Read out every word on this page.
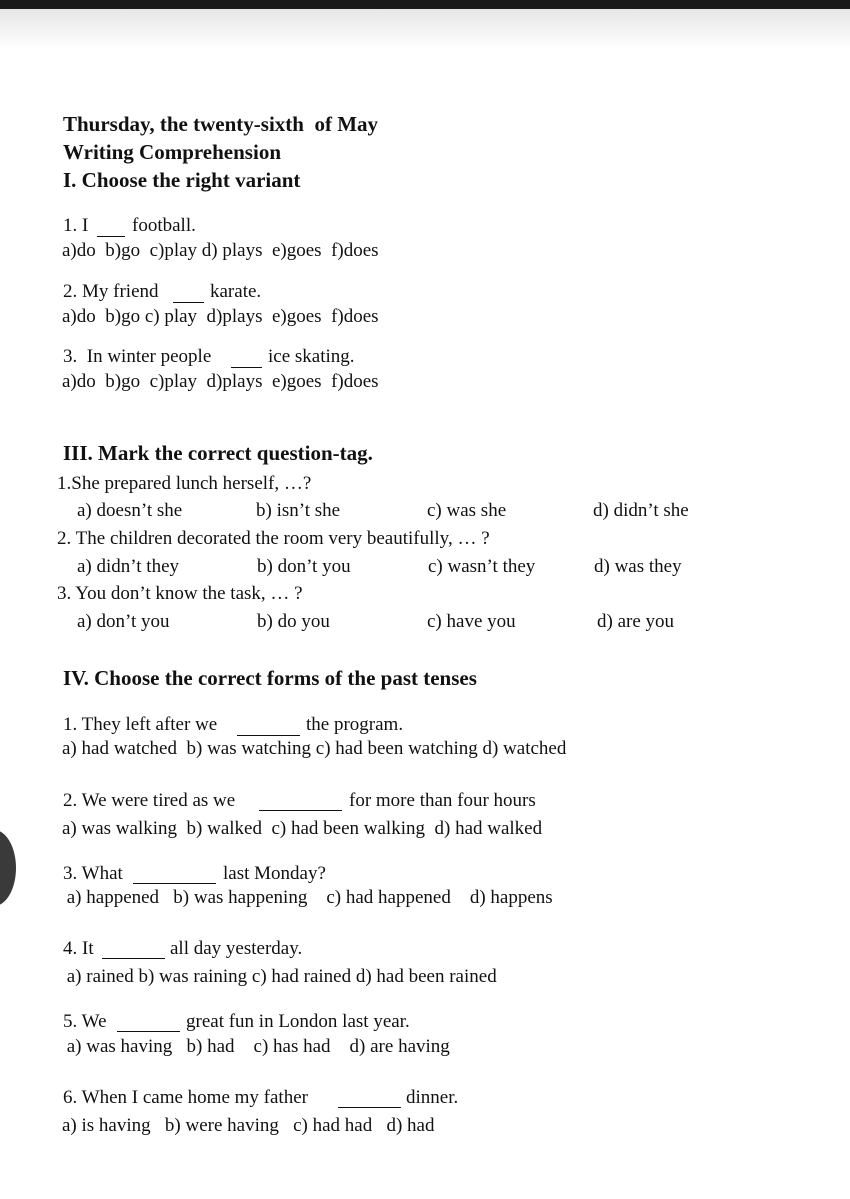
Thursday, the twenty-sixth  of May
Writing Comprehension
I. Choose the right variant
1. I football.
a)do  b)go  c)play d) plays  e)goes  f)does
2. My friend	karate.
a)do  b)go c) play  d)plays  e)goes  f)does
3.  In winter people	ice skating.
a)do  b)go  c)play  d)plays  e)goes  f)does
III. Mark the correct question-tag.
1.She prepared lunch herself, …?
a) doesn’t she	b) isn’t she	c) was she	d) didn’t she
2. The children decorated the room very beautifully, … ?
a) didn’t they	b) don’t you	c) wasn’t they	d) was they
3. You don’t know the task, … ?
a) don’t you	b) do you	c) have you	d) are you
IV. Choose the correct forms of the past tenses
1. They left after we	the program.
a) had watched  b) was watching c) had been watching d) watched
2. We were tired as we	for more than four hours
a) was walking  b) walked  c) had been walking  d) had walked
3. What	last Monday?
a) happened   b) was happening    c) had happened    d) happens
4. It	all day yesterday.
a) rained b) was raining c) had rained d) had been rained
5. We	great fun in London last year.
a) was having   b) had    c) has had    d) are having
6. When I came home my father	dinner.
a) is having   b) were having   c) had had   d) had
